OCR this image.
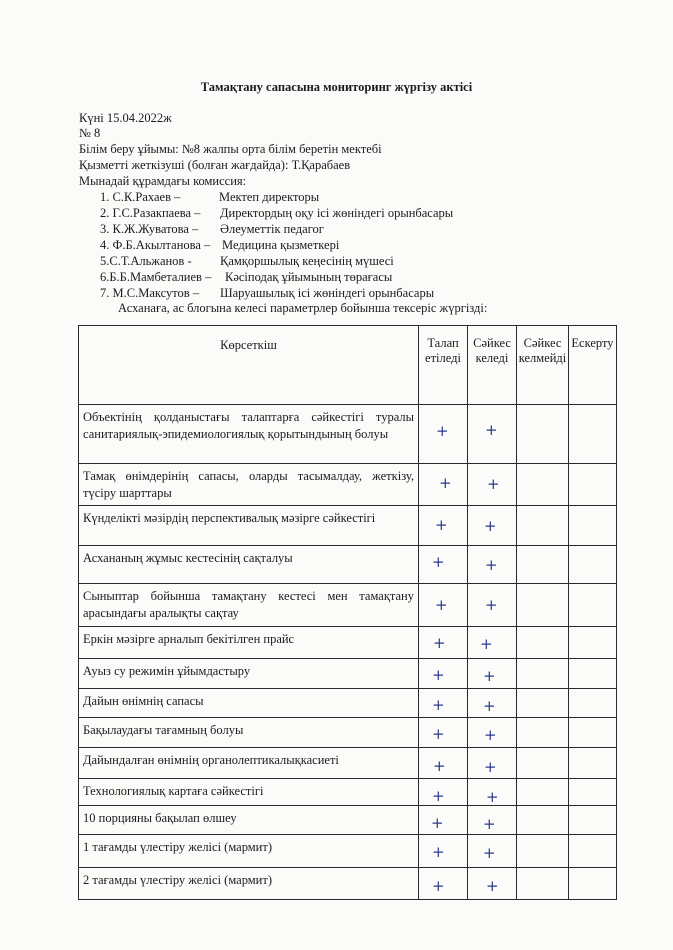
Тамақтану сапасына мониторинг жүргізу актісі
Күні 15.04.2022ж
№ 8
Білім беру ұйымы: №8 жалпы орта білім беретін мектебі
Қызметті жеткізуші (болған жағдайда): Т.Қарабаев
Мынадай құрамдағы комиссия:
1. С.К.Рахаев –	Мектеп директоры
2. Г.С.Разакпаева – Директордың оқу ісі жөніндегі орынбасары
3. К.Ж.Жуватова – Әлеуметтік педагог
4. Ф.Б.Акылтанова – Медицина қызметкері
5.С.Т.Альжанов - Қамқоршылық кеңесінің мүшесі
6.Б.Б.Мамбеталиев – Кәсіподақ ұйымының төрағасы
7. М.С.Максутов – Шаруашылық ісі жөніндегі орынбасары
Асханаға, ас блогына келесі параметрлер бойынша тексеріс жүргізді:
Көрсеткіш	Талап етіледі	Сәйкес келеді	Сәйкес келмейді	Ескерту
Объектінің қолданыстағы талаптарға сәйкестігі туралы санитариялық-эпидемиологиялық қорытындының болуы	+	+		

Тамақ өнімдерінің сапасы, оларды тасымалдау, жеткізу, түсіру шарттары	+	+		

Күнделікті мәзірдің перспективалық мәзірге сәйкестігі	+	+		

Асхананың жұмыс кестесінің сақталуы	+	+		

Сыныптар бойынша тамақтану кестесі мен тамақтану арасындағы аралықты сақтау	+	+		

Еркін мәзірге арналып бекітілген прайс	+	+		

Ауыз су режимін ұйымдастыру	+	+		

Дайын өнімнің сапасы	+	+		

Бақылаудағы тағамның болуы	+	+		

Дайындалған өнімнің органолептикалықкасиеті	+	+		

Технологиялық картаға сәйкестігі	+	+		

10 порцияны бақылап өлшеу	+	+		

1 тағамды үлестіру желісі (мармит)	+	+		

2 тағамды үлестіру желісі (мармит)	+	+		
